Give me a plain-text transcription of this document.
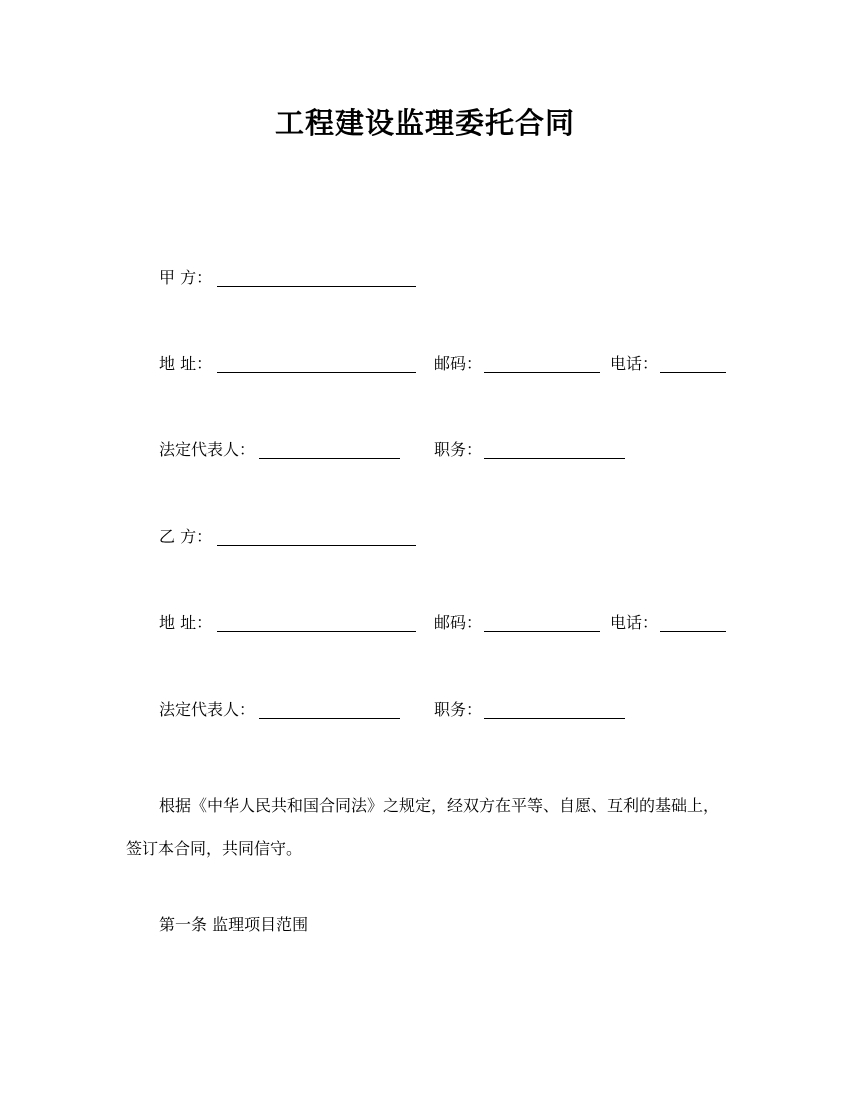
工程建设监理委托合同
甲 方：
地 址：	邮码：	电话：
法定代表人：	职务：
乙 方：
地 址：	邮码：	电话：
法定代表人：	职务：
根据《中华人民共和国合同法》之规定，经双方在平等、自愿、互利的基础上，
签订本合同，共同信守。
第一条 监理项目范围
